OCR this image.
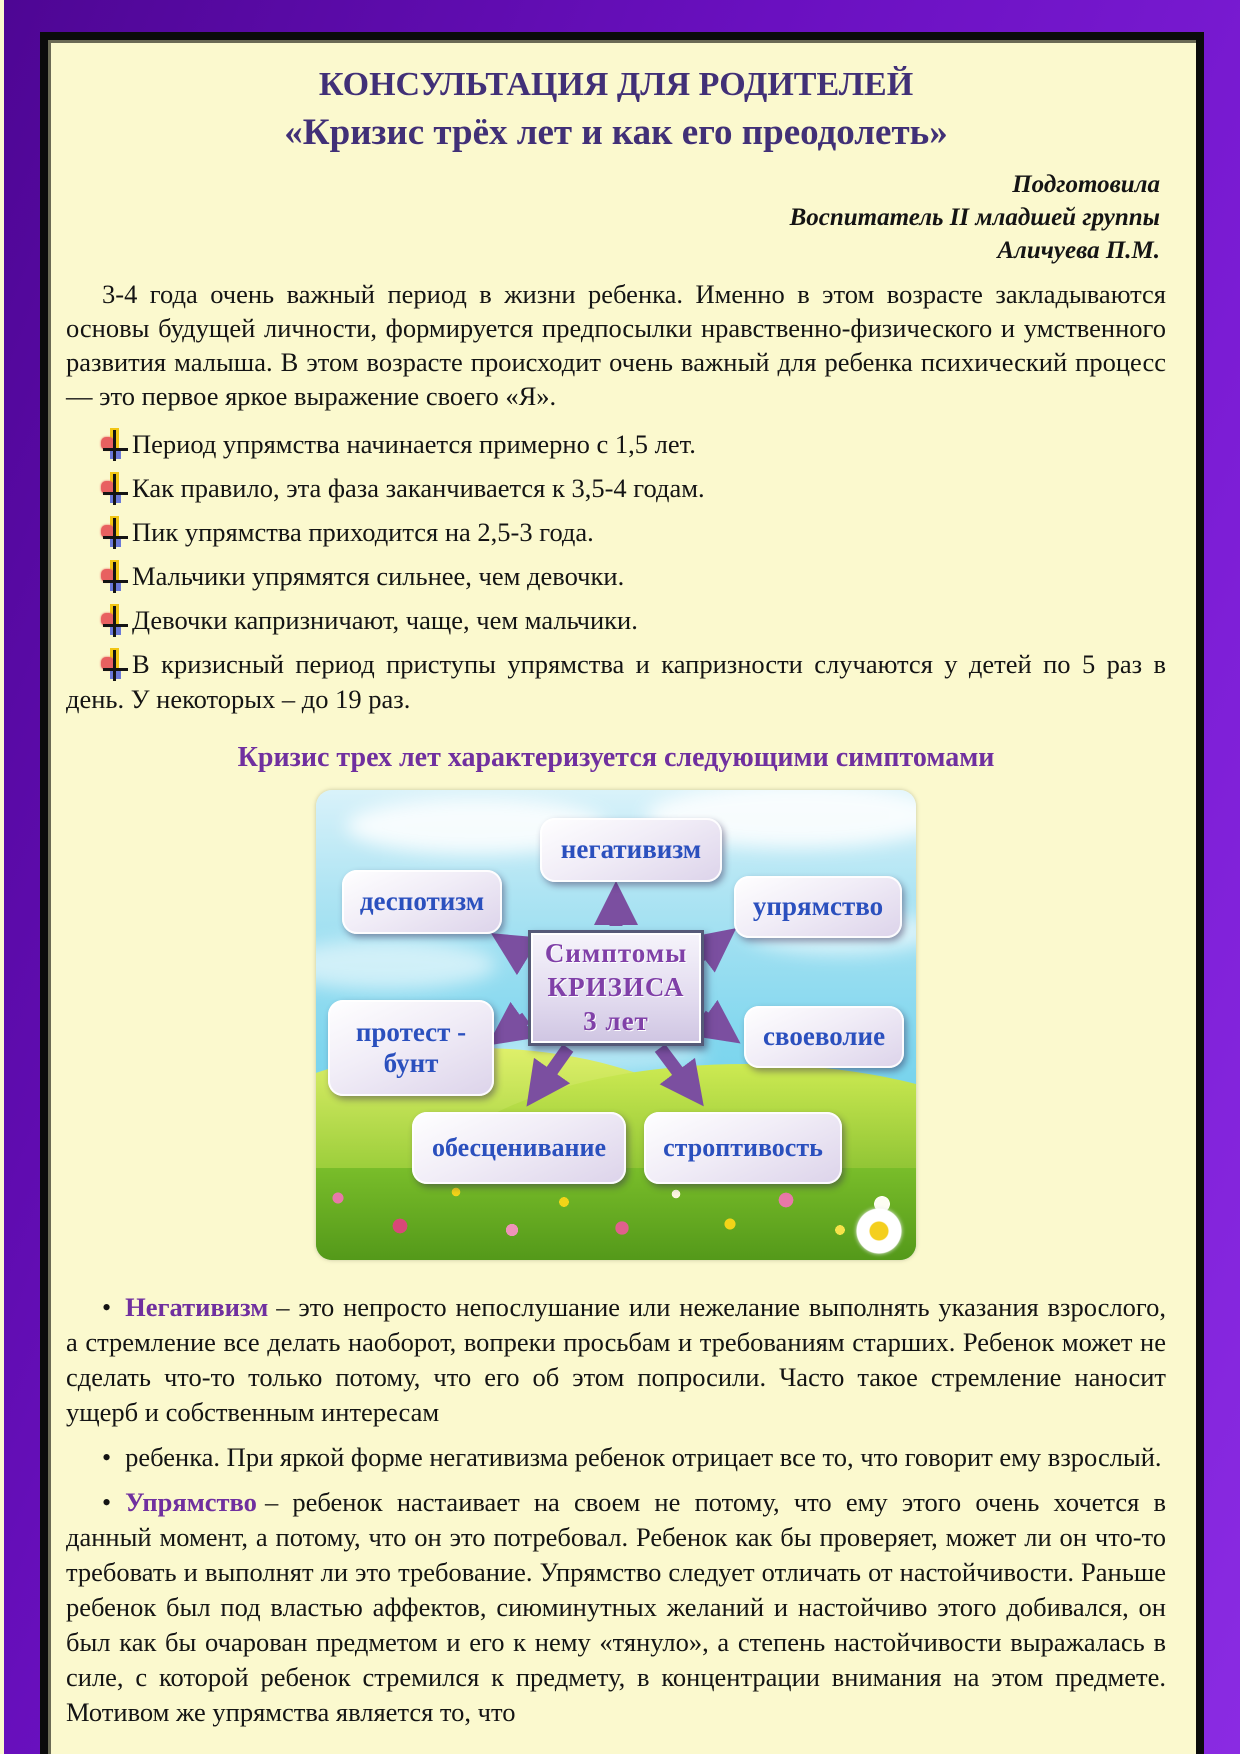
КОНСУЛЬТАЦИЯ ДЛЯ РОДИТЕЛЕЙ
«Кризис трёх лет и как его преодолеть»
Подготовила
Воспитатель II младшей группы
Аличуева П.М.

3-4 года очень важный период в жизни ребенка. Именно в этом возрасте закладываются основы будущей личности, формируется предпосылки нравственно-физического и умственного развития малыша. В этом возрасте происходит очень важный для ребенка психический процесс — это первое яркое выражение своего «Я».

Период упрямства начинается примерно с 1,5 лет.
Как правило, эта фаза заканчивается к 3,5-4 годам.
Пик упрямства приходится на 2,5-3 года.
Мальчики упрямятся сильнее, чем девочки.
Девочки капризничают, чаще, чем мальчики.
В кризисный период приступы упрямства и капризности случаются у детей по 5 раз в день. У некоторых – до 19 раз.
Кризис трех лет характеризуется следующими симптомами
негативизм
деспотизм	упрямство
протест - бунт
своеволие
обесценивание	строптивость
Симптомы
КРИЗИСА
3 лет
• Негативизм – это непросто непослушание или нежелание выполнять указания взрослого, а стремление все делать наоборот, вопреки просьбам и требованиям старших. Ребенок может не сделать что-то только потому, что его об этом попросили. Часто такое стремление наносит ущерб и собственным интересам
• ребенка. При яркой форме негативизма ребенок отрицает все то, что говорит ему взрослый.
• Упрямство – ребенок настаивает на своем не потому, что ему этого очень хочется в данный момент, а потому, что он это потребовал. Ребенок как бы проверяет, может ли он что-то требовать и выполнят ли это требование. Упрямство следует отличать от настойчивости. Раньше ребенок был под властью аффектов, сиюминутных желаний и настойчиво этого добивался, он был как бы очарован предметом и его к нему «тянуло», а степень настойчивости выражалась в силе, с которой ребенок стремился к предмету, в концентрации внимания на этом предмете. Мотивом же упрямства является то, что
